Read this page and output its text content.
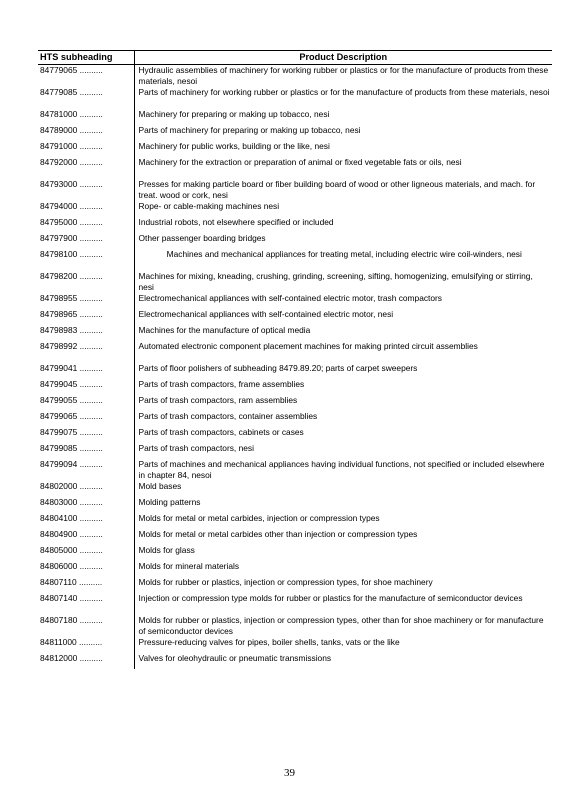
HTS subheading	Product Description
84779065 ..........	Hydraulic assemblies of machinery for working rubber or plastics or for the manufacture of products from these materials, nesoi
84779085 ..........	Parts of machinery for working rubber or plastics or for the manufacture of products from these materials, nesoi
84781000 ..........	Machinery for preparing or making up tobacco, nesi
84789000 ..........	Parts of machinery for preparing or making up tobacco, nesi
84791000 ..........	Machinery for public works, building or the like, nesi
84792000 ..........	Machinery for the extraction or preparation of animal or fixed vegetable fats or oils, nesi
84793000 ..........	Presses for making particle board or fiber building board of wood or other ligneous materials, and mach. for treat. wood or cork, nesi
84794000 ..........	Rope- or cable-making machines nesi
84795000 ..........	Industrial robots, not elsewhere specified or included
84797900 ..........	Other passenger boarding bridges
84798100 ..........	Machines and mechanical appliances for treating metal, including electric wire coil-winders, nesi
84798200 ..........	Machines for mixing, kneading, crushing, grinding, screening, sifting, homogenizing, emulsifying or stirring, nesi
84798955 ..........	Electromechanical appliances with self-contained electric motor, trash compactors
84798965 ..........	Electromechanical appliances with self-contained electric motor, nesi
84798983 ..........	Machines for the manufacture of optical media
84798992 ..........	Automated electronic component placement machines for making printed circuit assemblies
84799041 ..........	Parts of floor polishers of subheading 8479.89.20; parts of carpet sweepers
84799045 ..........	Parts of trash compactors, frame assemblies
84799055 ..........	Parts of trash compactors, ram assemblies
84799065 ..........	Parts of trash compactors, container assemblies
84799075 ..........	Parts of trash compactors, cabinets or cases
84799085 ..........	Parts of trash compactors, nesi
84799094 ..........	Parts of machines and mechanical appliances having individual functions, not specified or included elsewhere in chapter 84, nesoi
84802000 ..........	Mold bases
84803000 ..........	Molding patterns
84804100 ..........	Molds for metal or metal carbides, injection or compression types
84804900 ..........	Molds for metal or metal carbides other than injection or compression types
84805000 ..........	Molds for glass
84806000 ..........	Molds for mineral materials
84807110 ..........	Molds for rubber or plastics, injection or compression types, for shoe machinery
84807140 ..........	Injection or compression type molds for rubber or plastics for the manufacture of semiconductor devices
84807180 ..........	Molds for rubber or plastics, injection or compression types, other than for shoe machinery or for manufacture of semiconductor devices
84811000 ..........	Pressure-reducing valves for pipes, boiler shells, tanks, vats or the like
84812000 ..........	Valves for oleohydraulic or pneumatic transmissions
39
